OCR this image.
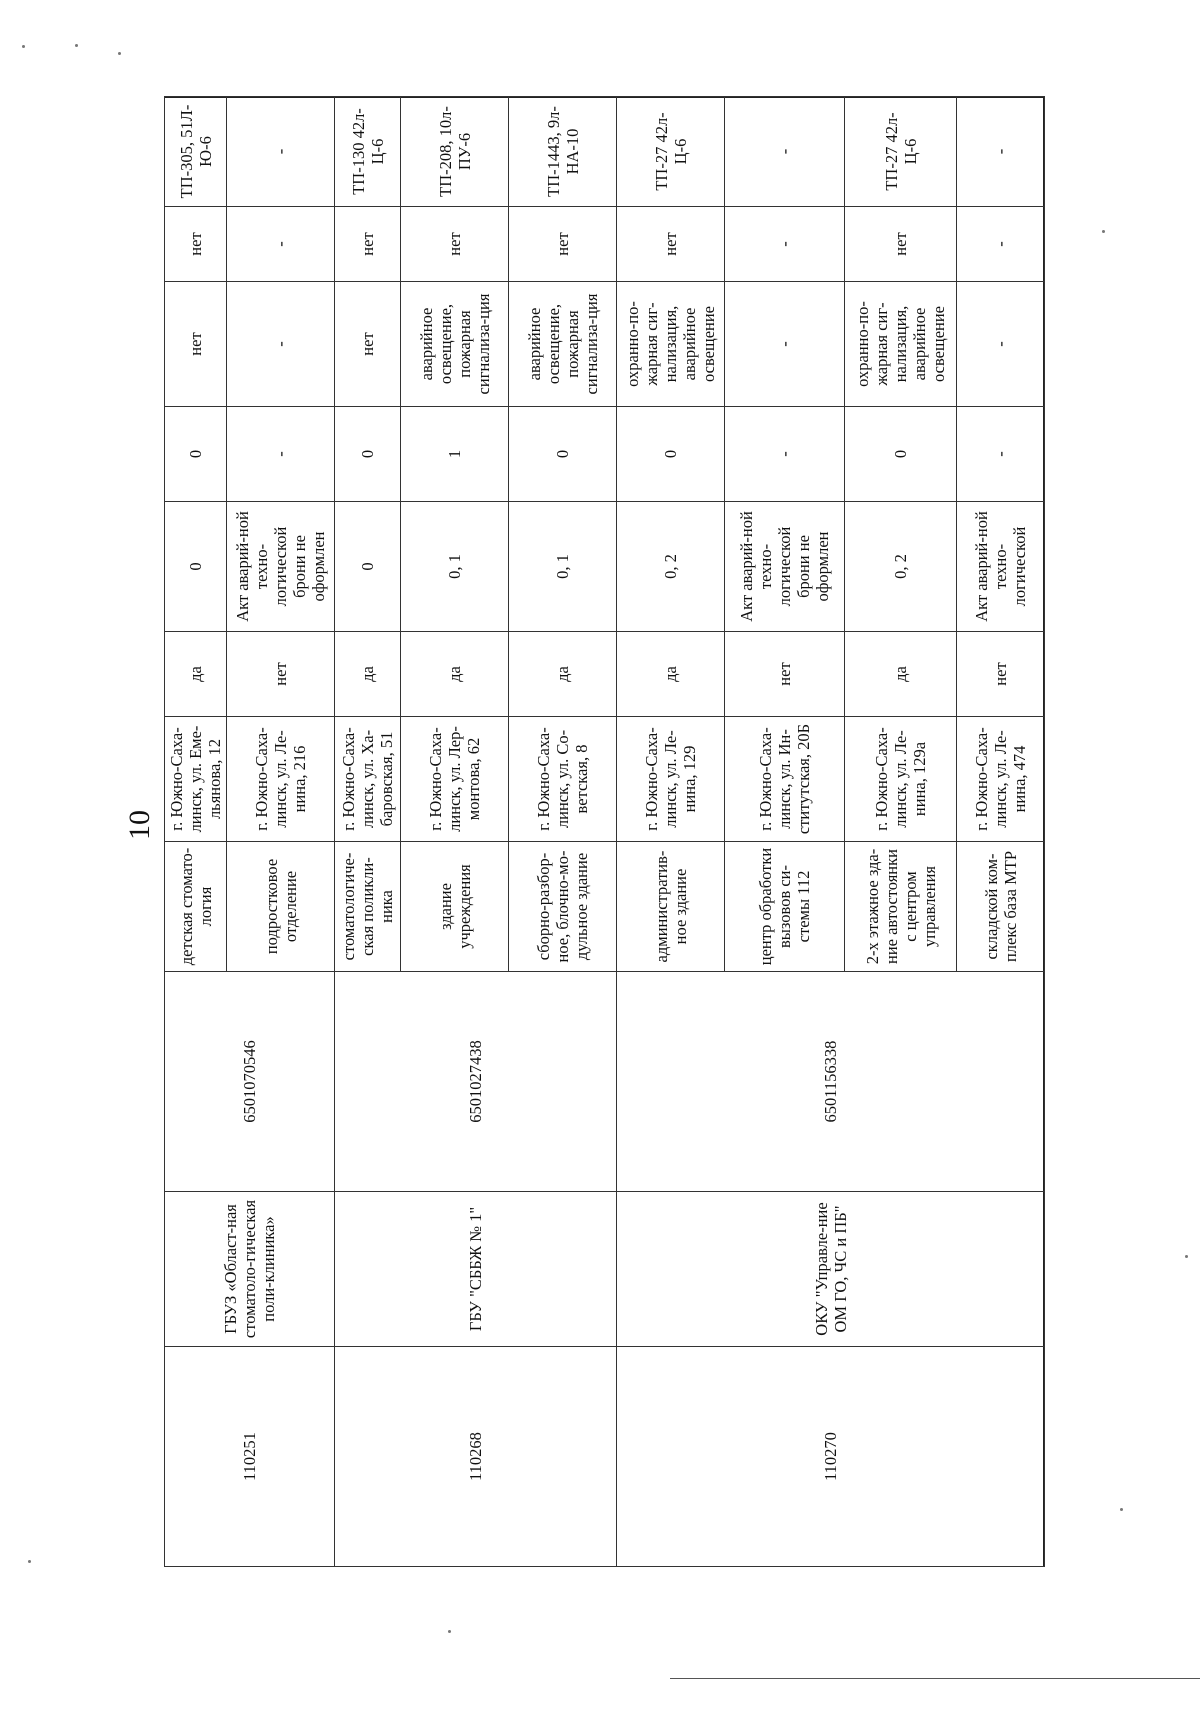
10
110251	ГБУЗ «Област-ная стоматоло-гическая поли-клиника»	6501070546	детская стомато-логия	г. Южно-Саха-линск, ул. Еме-льянова, 12	да	0	0	нет	нет	ТП-305, 51Л-Ю-6
			подростковое отделение	г. Южно-Саха-линск, ул. Ле-нина, 216	нет	Акт аварий-ной техно-логической брони не оформлен	-	-	-	-
110268	ГБУ "СББЖ № 1"	6501027438	стоматологиче-ская поликли-ника	г. Южно-Саха-линск, ул. Ха-баровская, 51	да	0	0	нет	нет	ТП-130 42л-Ц-6
			здание учреждения	г. Южно-Саха-линск, ул. Лер-монтова, 62	да	0, 1	1	аварийное освещение, пожарная сигнализа-ция	нет	ТП-208, 10л-ПУ-6
			сборно-разбор-ное, блочно-мо-дульное здание	г. Южно-Саха-линск, ул. Со-ветская, 8	да	0, 1	0	аварийное освещение, пожарная сигнализа-ция	нет	ТП-1443, 9л-НА-10
110270	ОКУ "Управле-ние ОМ ГО, ЧС и ПБ"	6501156338	административ-ное здание	г. Южно-Саха-линск, ул. Ле-нина, 129	да	0, 2	0	охранно-по-жарная сиг-нализация, аварийное освещение	нет	ТП-27 42л-Ц-6
			центр обработки вызовов си-стемы 112	г. Южно-Саха-линск, ул. Ин-ститутская, 20Б	нет	Акт аварий-ной техно-логической брони не оформлен	-	-	-	-
			2-х этажное зда-ние автостоянки с центром управления	г. Южно-Саха-линск, ул. Ле-нина, 129а	да	0, 2	0	охранно-по-жарная сиг-нализация, аварийное освещение	нет	ТП-27 42л-Ц-6
			складской ком-плекс база МТР	г. Южно-Саха-линск, ул. Ле-нина, 474	нет	Акт аварий-ной техно-логической	-	-	-	-
